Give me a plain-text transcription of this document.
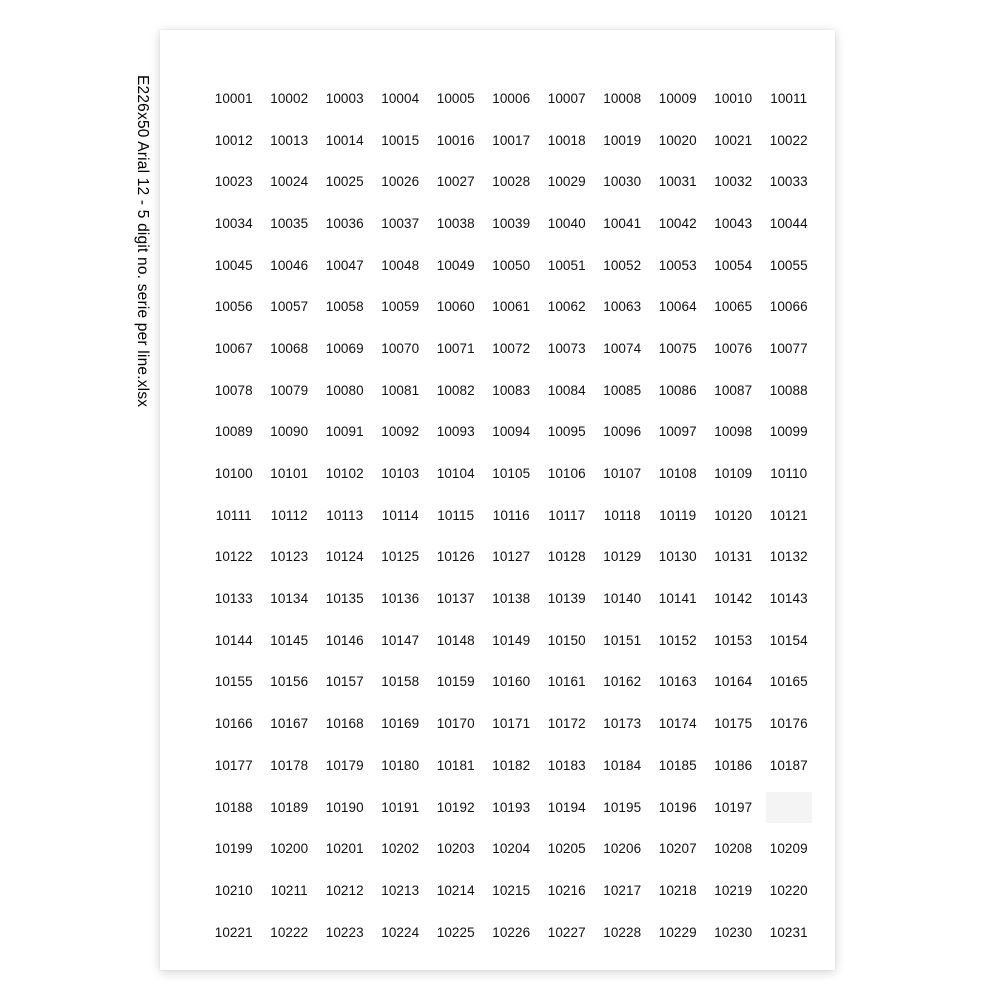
E226x50 Arial 12 - 5 digit no. serie per line.xlsx	10001	10002	10003	10004	10005	10006	10007	10008	10009	10010	10011
10012	10013	10014	10015	10016	10017	10018	10019	10020	10021	10022
10023	10024	10025	10026	10027	10028	10029	10030	10031	10032	10033
10034	10035	10036	10037	10038	10039	10040	10041	10042	10043	10044
10045	10046	10047	10048	10049	10050	10051	10052	10053	10054	10055
10056	10057	10058	10059	10060	10061	10062	10063	10064	10065	10066
10067	10068	10069	10070	10071	10072	10073	10074	10075	10076	10077
10078	10079	10080	10081	10082	10083	10084	10085	10086	10087	10088
10089	10090	10091	10092	10093	10094	10095	10096	10097	10098	10099
10100	10101	10102	10103	10104	10105	10106	10107	10108	10109	10110
10111	10112	10113	10114	10115	10116	10117	10118	10119	10120	10121
10122	10123	10124	10125	10126	10127	10128	10129	10130	10131	10132
10133	10134	10135	10136	10137	10138	10139	10140	10141	10142	10143
10144	10145	10146	10147	10148	10149	10150	10151	10152	10153	10154
10155	10156	10157	10158	10159	10160	10161	10162	10163	10164	10165
10166	10167	10168	10169	10170	10171	10172	10173	10174	10175	10176
10177	10178	10179	10180	10181	10182	10183	10184	10185	10186	10187
10188	10189	10190	10191	10192	10193	10194	10195	10196	10197
10199	10200	10201	10202	10203	10204	10205	10206	10207	10208	10209
10210	10211	10212	10213	10214	10215	10216	10217	10218	10219	10220
10221	10222	10223	10224	10225	10226	10227	10228	10229	10230	10231
